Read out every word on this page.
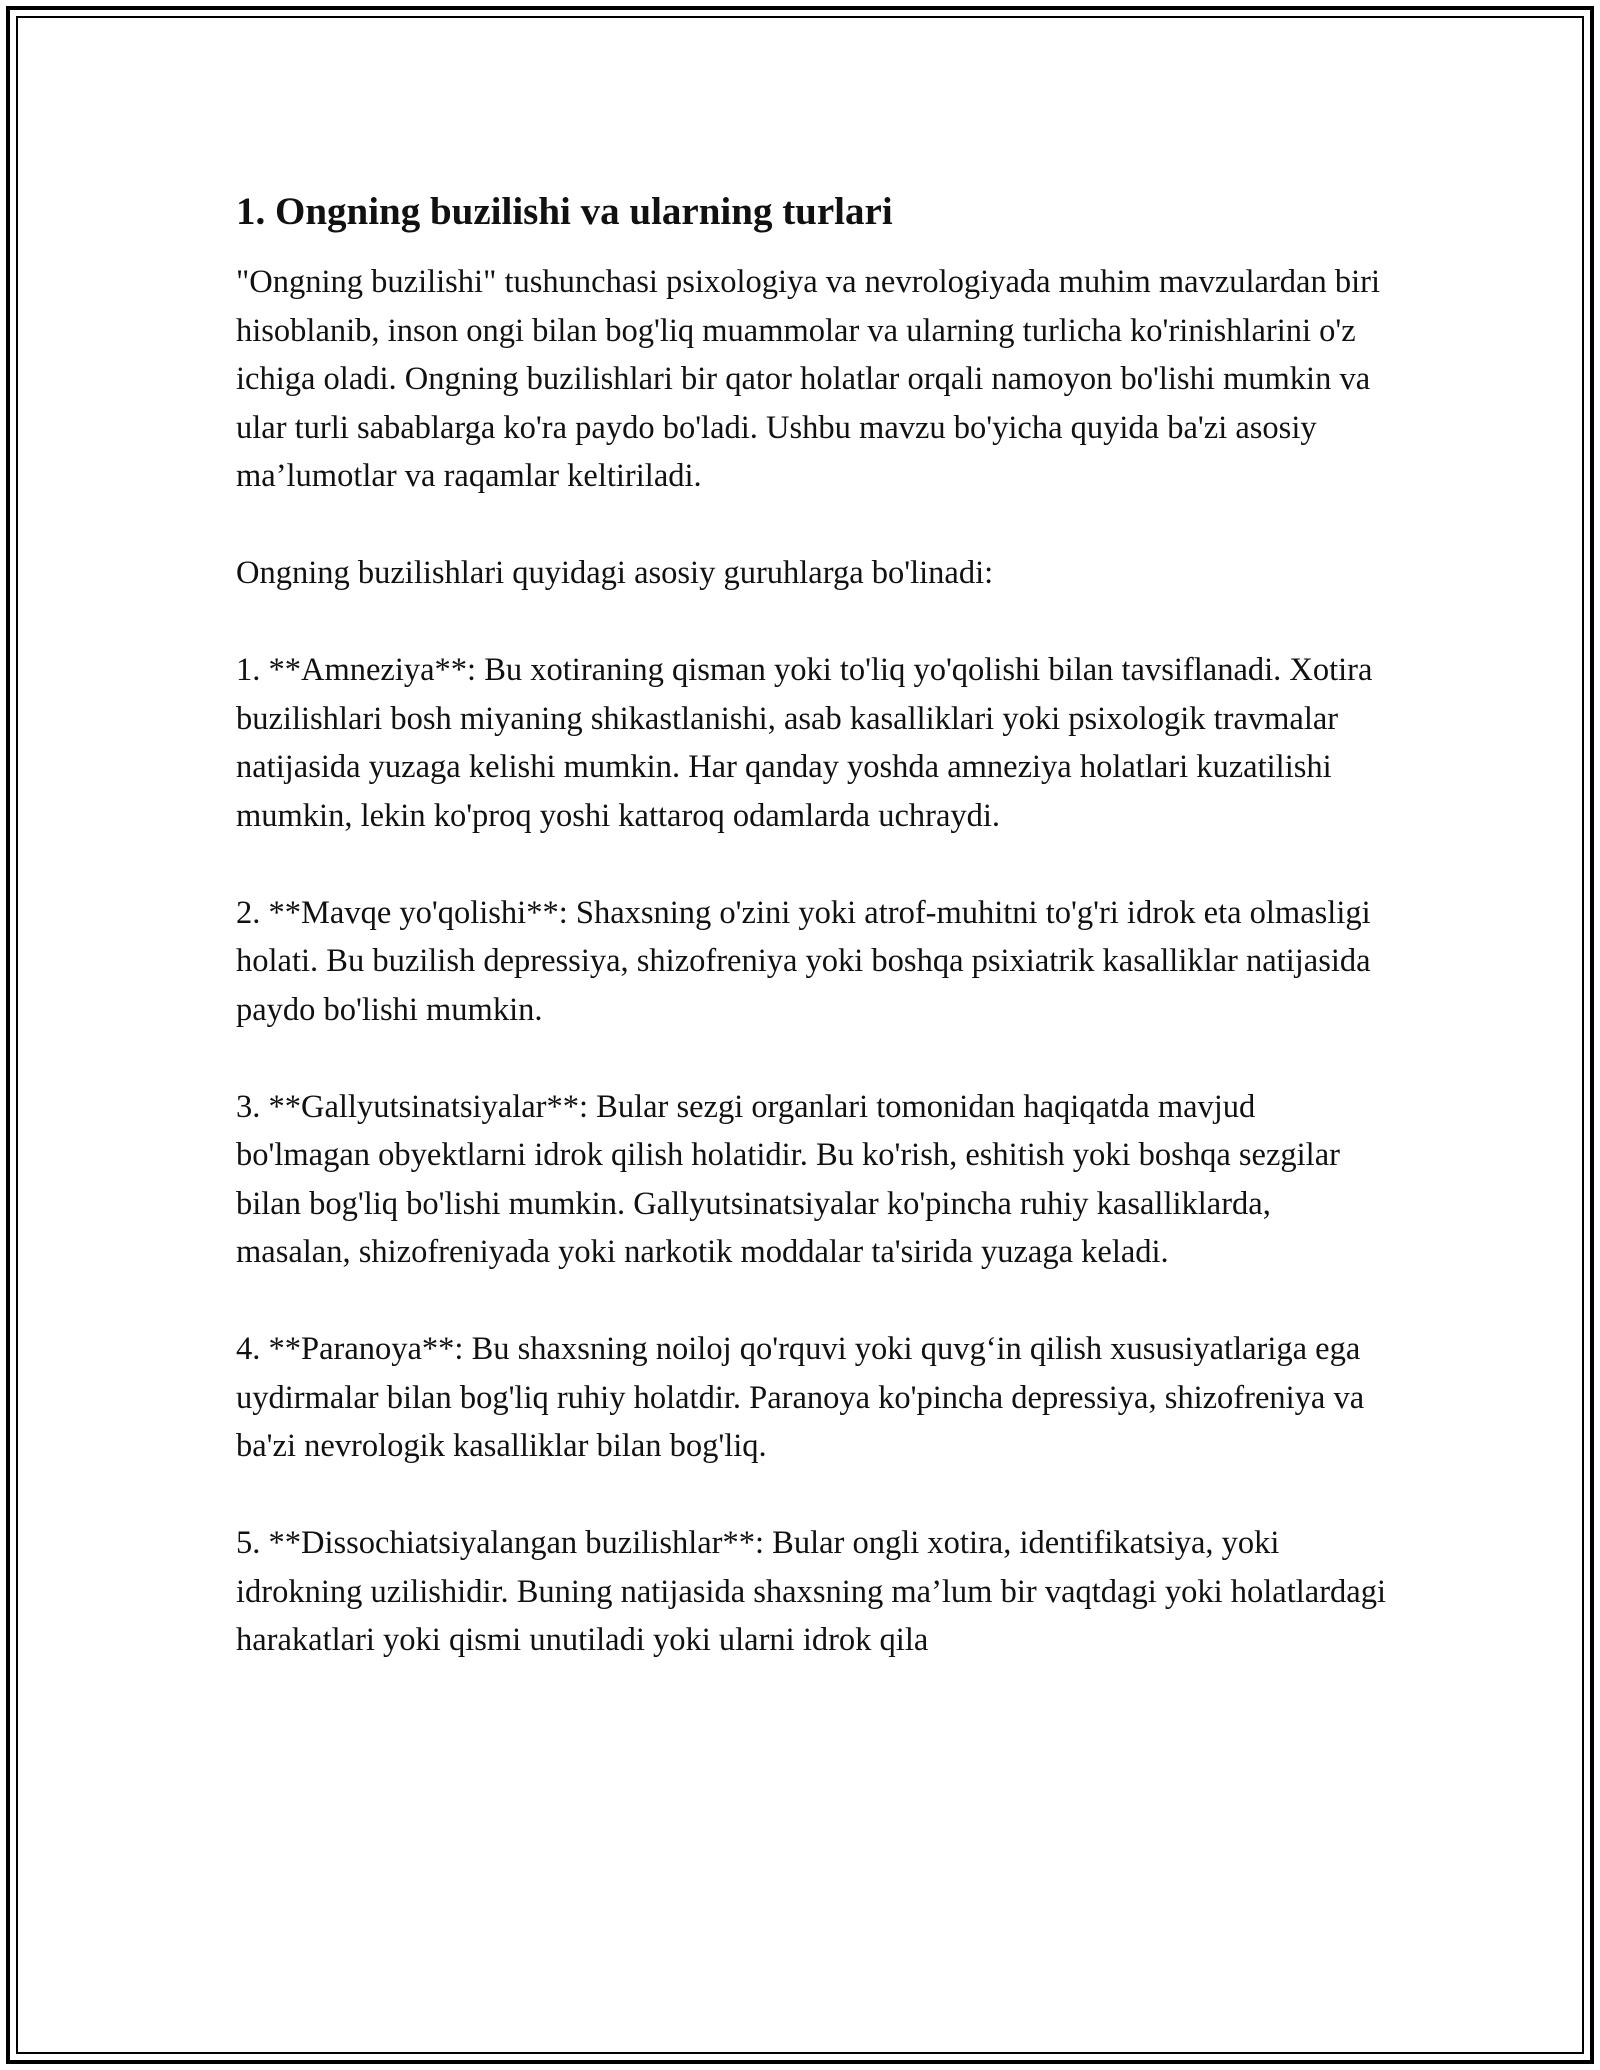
1. Ongning buzilishi va ularning turlari

"Ongning buzilishi" tushunchasi psixologiya va nevrologiyada muhim mavzulardan biri hisoblanib, inson ongi bilan bog'liq muammolar va ularning turlicha ko'rinishlarini o'z ichiga oladi. Ongning buzilishlari bir qator holatlar orqali namoyon bo'lishi mumkin va ular turli sabablarga ko'ra paydo bo'ladi. Ushbu mavzu bo'yicha quyida ba'zi asosiy ma’lumotlar va raqamlar keltiriladi.

Ongning buzilishlari quyidagi asosiy guruhlarga bo'linadi:

1. **Amneziya**: Bu xotiraning qisman yoki to'liq yo'qolishi bilan tavsiflanadi. Xotira buzilishlari bosh miyaning shikastlanishi, asab kasalliklari yoki psixologik travmalar natijasida yuzaga kelishi mumkin. Har qanday yoshda amneziya holatlari kuzatilishi mumkin, lekin ko'proq yoshi kattaroq odamlarda uchraydi.

2. **Mavqe yo'qolishi**: Shaxsning o'zini yoki atrof-muhitni to'g'ri idrok eta olmasligi holati. Bu buzilish depressiya, shizofreniya yoki boshqa psixiatrik kasalliklar natijasida paydo bo'lishi mumkin.

3. **Gallyutsinatsiyalar**: Bular sezgi organlari tomonidan haqiqatda mavjud bo'lmagan obyektlarni idrok qilish holatidir. Bu ko'rish, eshitish yoki boshqa sezgilar bilan bog'liq bo'lishi mumkin. Gallyutsinatsiyalar ko'pincha ruhiy kasalliklarda, masalan, shizofreniyada yoki narkotik moddalar ta'sirida yuzaga keladi.

4. **Paranoya**: Bu shaxsning noiloj qo'rquvi yoki quvg‘in qilish xususiyatlariga ega uydirmalar bilan bog'liq ruhiy holatdir. Paranoya ko'pincha depressiya, shizofreniya va ba'zi nevrologik kasalliklar bilan bog'liq.

5. **Dissochiatsiyalangan buzilishlar**: Bular ongli xotira, identifikatsiya, yoki idrokning uzilishidir. Buning natijasida shaxsning ma’lum bir vaqtdagi yoki holatlardagi harakatlari yoki qismi unutiladi yoki ularni idrok qila
